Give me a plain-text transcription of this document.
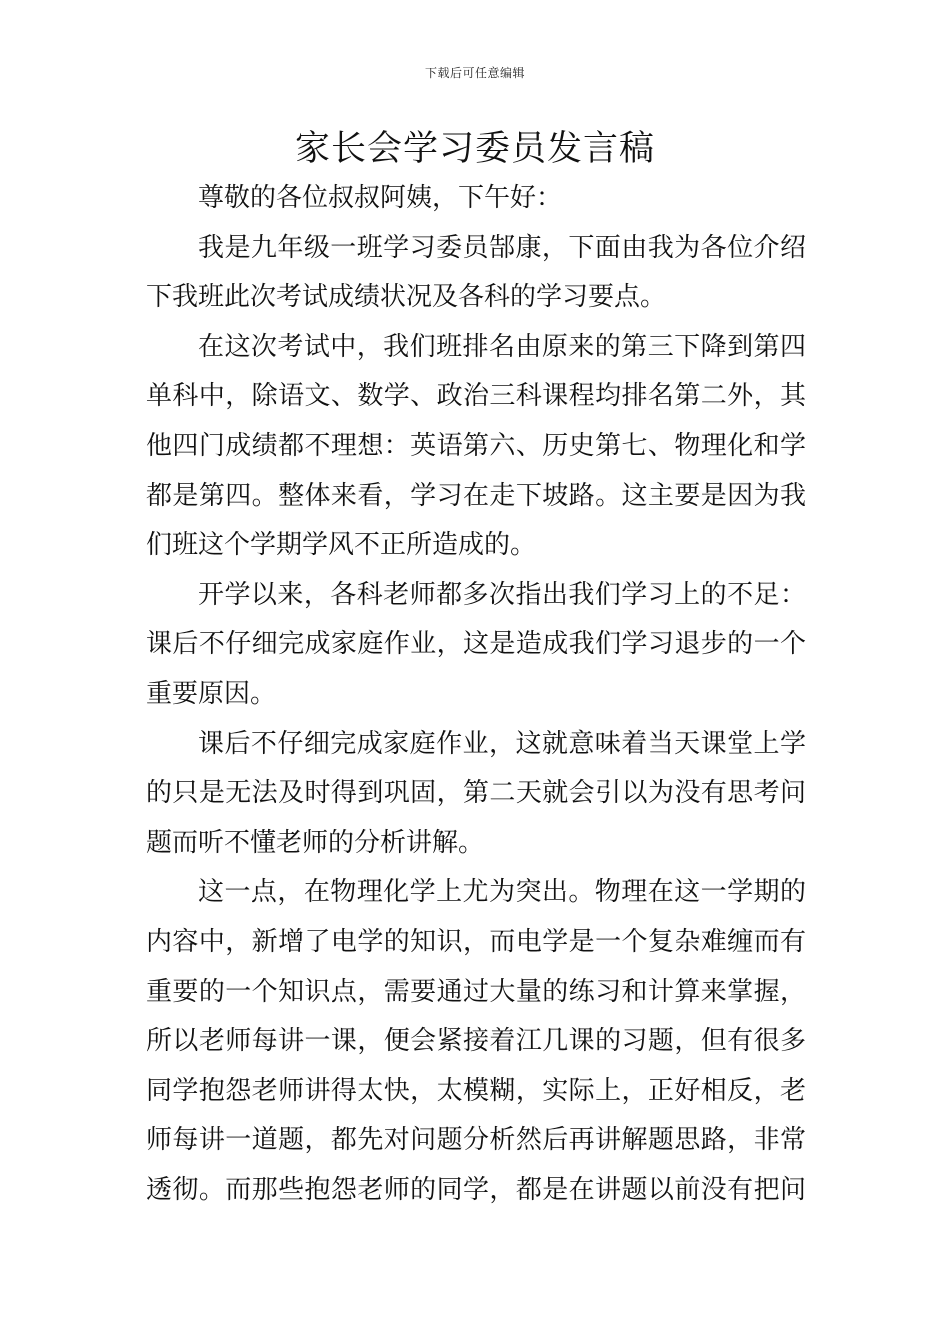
下载后可任意编辑
家长会学习委员发言稿

尊敬的各位叔叔阿姨，下午好：

我是九年级一班学习委员郜康，下面由我为各位介绍
下我班此次考试成绩状况及各科的学习要点。

在这次考试中，我们班排名由原来的第三下降到第四
单科中，除语文、数学、政治三科课程均排名第二外，其
他四门成绩都不理想：英语第六、历史第七、物理化和学
都是第四。整体来看，学习在走下坡路。这主要是因为我
们班这个学期学风不正所造成的。

开学以来，各科老师都多次指出我们学习上的不足：
课后不仔细完成家庭作业，这是造成我们学习退步的一个
重要原因。

课后不仔细完成家庭作业，这就意味着当天课堂上学
的只是无法及时得到巩固，第二天就会引以为没有思考问
题而听不懂老师的分析讲解。

这一点，在物理化学上尤为突出。物理在这一学期的
内容中，新增了电学的知识，而电学是一个复杂难缠而有
重要的一个知识点，需要通过大量的练习和计算来掌握，
所以老师每讲一课，便会紧接着江几课的习题，但有很多
同学抱怨老师讲得太快，太模糊，实际上，正好相反，老
师每讲一道题，都先对问题分析然后再讲解题思路，非常
透彻。而那些抱怨老师的同学，都是在讲题以前没有把问
